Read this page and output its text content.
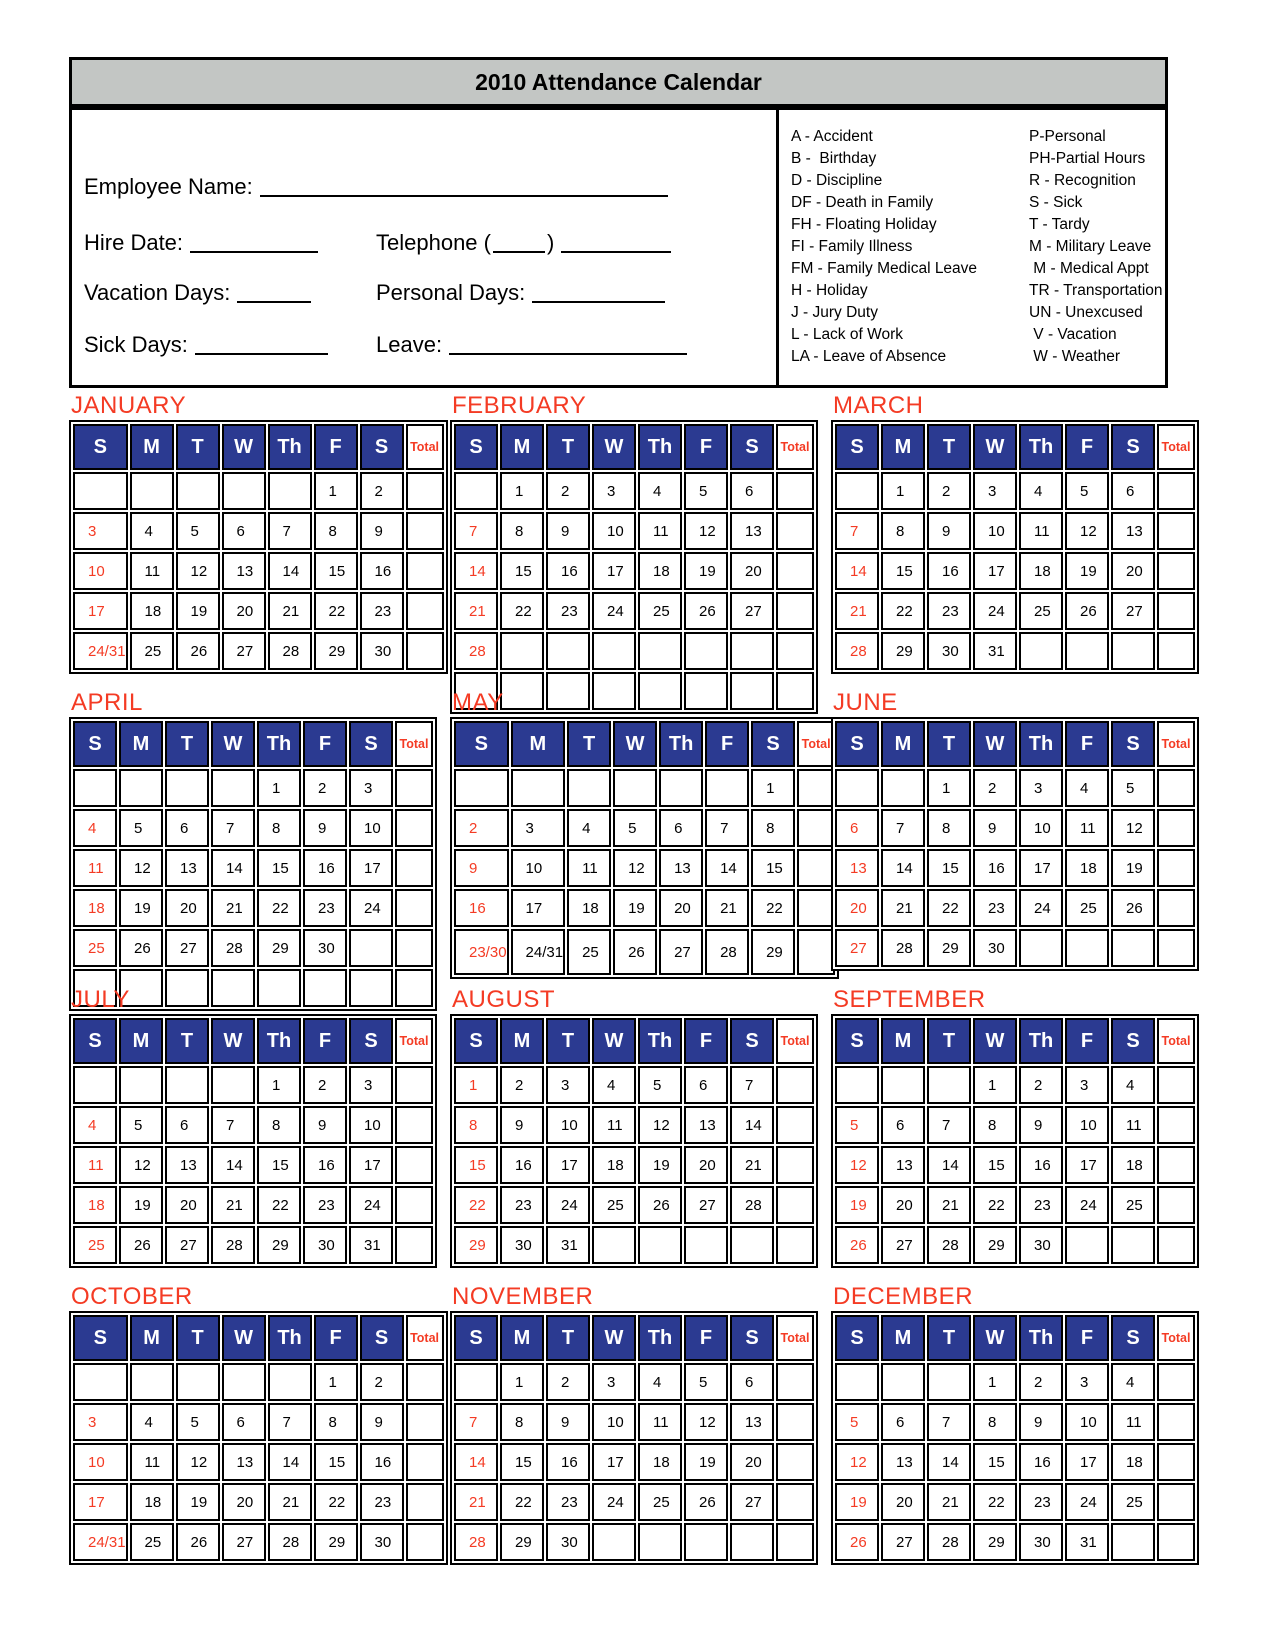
2010 Attendance Calendar
Employee Name:
Hire Date:	Telephone (	)
Vacation Days:	Personal Days:
Sick Days:	Leave:
A - Accident
B -  Birthday
D - Discipline
DF - Death in Family
FH - Floating Holiday
FI - Family Illness
FM - Family Medical Leave
H - Holiday
J - Jury Duty
L - Lack of Work
LA - Leave of Absence
P-Personal
PH-Partial Hours
R - Recognition
S - Sick
T - Tardy
M - Military Leave
M - Medical Appt
TR - Transportation
UN - Unexcused
V - Vacation
W - Weather
JANUARY
S	M	T	W	Th	F	S	Total
					1	2	
3	4	5	6	7	8	9	
10	11	12	13	14	15	16	
17	18	19	20	21	22	23	
24/31	25	26	27	28	29	30	
FEBRUARY
S	M	T	W	Th	F	S	Total
	1	2	3	4	5	6	
7	8	9	10	11	12	13	
14	15	16	17	18	19	20	
21	22	23	24	25	26	27	
28							

MARCH
S	M	T	W	Th	F	S	Total
	1	2	3	4	5	6	
7	8	9	10	11	12	13	
14	15	16	17	18	19	20	
21	22	23	24	25	26	27	
28	29	30	31				
APRIL
S	M	T	W	Th	F	S	Total
				1	2	3	
4	5	6	7	8	9	10	
11	12	13	14	15	16	17	
18	19	20	21	22	23	24	
25	26	27	28	29	30		

MAY
S	M	T	W	Th	F	S	Total
						1	
2	3	4	5	6	7	8	
9	10	11	12	13	14	15	
16	17	18	19	20	21	22	
23/30	24/31	25	26	27	28	29	
JUNE
S	M	T	W	Th	F	S	Total
		1	2	3	4	5	
6	7	8	9	10	11	12	
13	14	15	16	17	18	19	
20	21	22	23	24	25	26	
27	28	29	30				
JULY
S	M	T	W	Th	F	S	Total
				1	2	3	
4	5	6	7	8	9	10	
11	12	13	14	15	16	17	
18	19	20	21	22	23	24	
25	26	27	28	29	30	31	
AUGUST
S	M	T	W	Th	F	S	Total
1	2	3	4	5	6	7	
8	9	10	11	12	13	14	
15	16	17	18	19	20	21	
22	23	24	25	26	27	28	
29	30	31					
SEPTEMBER
S	M	T	W	Th	F	S	Total
			1	2	3	4	
5	6	7	8	9	10	11	
12	13	14	15	16	17	18	
19	20	21	22	23	24	25	
26	27	28	29	30			
OCTOBER
S	M	T	W	Th	F	S	Total
					1	2	
3	4	5	6	7	8	9	
10	11	12	13	14	15	16	
17	18	19	20	21	22	23	
24/31	25	26	27	28	29	30	
NOVEMBER
S	M	T	W	Th	F	S	Total
	1	2	3	4	5	6	
7	8	9	10	11	12	13	
14	15	16	17	18	19	20	
21	22	23	24	25	26	27	
28	29	30					
DECEMBER
S	M	T	W	Th	F	S	Total
			1	2	3	4	
5	6	7	8	9	10	11	
12	13	14	15	16	17	18	
19	20	21	22	23	24	25	
26	27	28	29	30	31		
